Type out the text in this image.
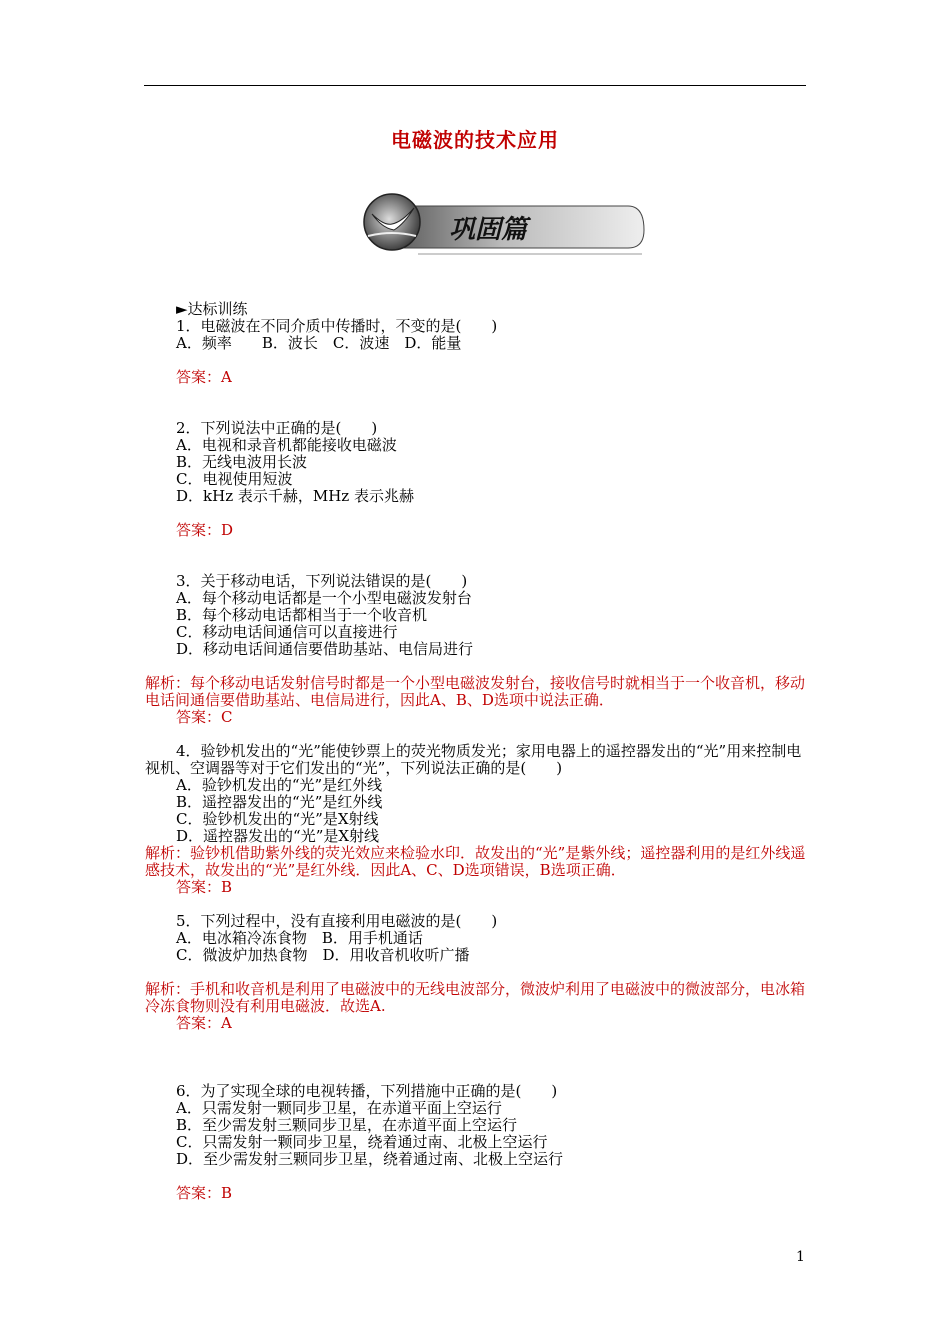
电磁波的技术应用
巩固篇
►达标训练
1．电磁波在不同介质中传播时，不变的是(　　)
A．频率　　B．波长　C．波速　D．能量
答案：A
2．下列说法中正确的是(　　)
A．电视和录音机都能接收电磁波
B．无线电波用长波
C．电视使用短波
D．kHz 表示千赫，MHz 表示兆赫
答案：D
3．关于移动电话，下列说法错误的是(　　)
A．每个移动电话都是一个小型电磁波发射台
B．每个移动电话都相当于一个收音机
C．移动电话间通信可以直接进行
D．移动电话间通信要借助基站、电信局进行
解析：每个移动电话发射信号时都是一个小型电磁波发射台，接收信号时就相当于一个收音机，移动电话间通信要借助基站、电信局进行，因此A、B、D选项中说法正确．
答案：C
4．验钞机发出的“光”能使钞票上的荧光物质发光；家用电器上的遥控器发出的“光”用来控制电视机、空调器等对于它们发出的“光”，下列说法正确的是(　　)
A．验钞机发出的“光”是红外线
B．遥控器发出的“光”是红外线
C．验钞机发出的“光”是X射线
D．遥控器发出的“光”是X射线
解析：验钞机借助紫外线的荧光效应来检验水印．故发出的“光”是紫外线；遥控器利用的是红外线遥感技术，故发出的“光”是红外线．因此A、C、D选项错误，B选项正确．
答案：B
5．下列过程中，没有直接利用电磁波的是(　　)
A．电冰箱冷冻食物　B．用手机通话
C．微波炉加热食物　D．用收音机收听广播
解析：手机和收音机是利用了电磁波中的无线电波部分，微波炉利用了电磁波中的微波部分，电冰箱冷冻食物则没有利用电磁波．故选A.
答案：A
6．为了实现全球的电视转播，下列措施中正确的是(　　)
A．只需发射一颗同步卫星，在赤道平面上空运行
B．至少需发射三颗同步卫星，在赤道平面上空运行
C．只需发射一颗同步卫星，绕着通过南、北极上空运行
D．至少需发射三颗同步卫星，绕着通过南、北极上空运行
答案：B
1
